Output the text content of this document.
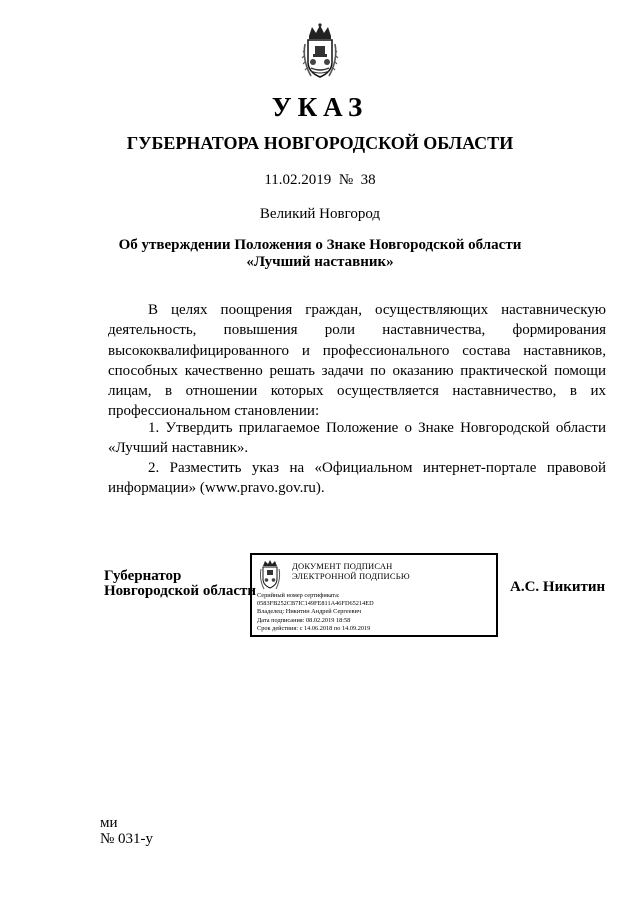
УКАЗ
ГУБЕРНАТОРА НОВГОРОДСКОЙ ОБЛАСТИ
11.02.2019 № 38
Великий Новгород
Об утверждении Положения о Знаке Новгородской области
«Лучший наставник»
В целях поощрения граждан, осуществляющих наставническую деятельность, повышения роли наставничества, формирования высококвалифицированного и профессионального состава наставников, способных качественно решать задачи по оказанию практической помощи лицам, в отношении которых осуществляется наставничество, в их профессиональном становлении:
1. Утвердить прилагаемое Положение о Знаке Новгородской области «Лучший наставник».
2. Разместить указ на «Официальном интернет-портале правовой информации» (www.pravo.gov.ru).
Губернатор
Новгородской области
ДОКУМЕНТ ПОДПИСАН
ЭЛЕКТРОННОЙ ПОДПИСЬЮ
Серийный номер сертификата:
0583FB252CB7IC149FE811A46FD65214ED
Владелец: Никитин Андрей Сергеевич
Дата подписания: 08.02.2019 18:58
Срок действия: с 14.06.2018 по 14.09.2019
А.С. Никитин
ми
№ 031-у
